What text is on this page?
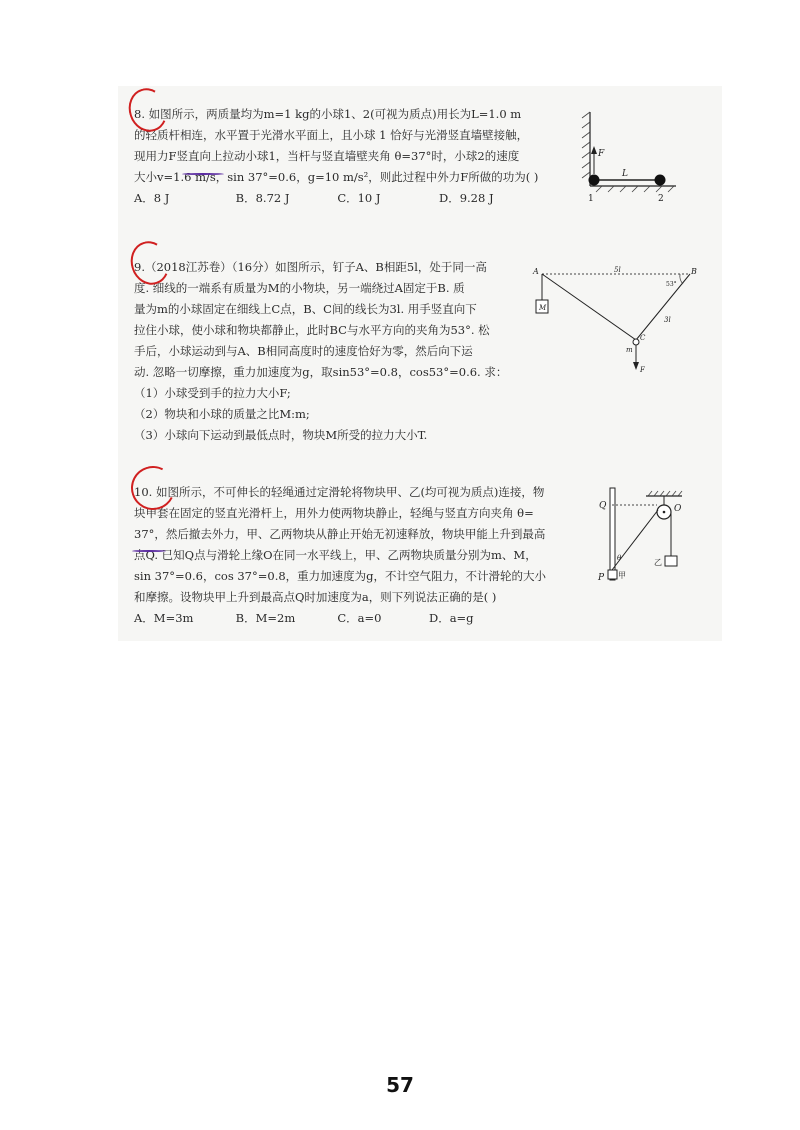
8. 如图所示，两质量均为m=1 kg的小球1、2(可视为质点)用长为L=1.0 m
的轻质杆相连，水平置于光滑水平面上，且小球 1 恰好与光滑竖直墙壁接触，
现用力F竖直向上拉动小球1，当杆与竖直墙壁夹角 θ=37°时，小球2的速度
大小v=1.6 m/s，sin 37°=0.6，g=10 m/s²，则此过程中外力F所做的功为( )
A．8 J	B．8.72 J	C．10 J	D．9.28 J
F
L
1	2
9.（2018江苏卷）（16分）如图所示，钉子A、B相距5l，处于同一高
度. 细线的一端系有质量为M的小物块，另一端绕过A固定于B. 质
量为m的小球固定在细线上C点，B、C间的线长为3l. 用手竖直向下
拉住小球，使小球和物块都静止，此时BC与水平方向的夹角为53°. 松
手后，小球运动到与A、B相同高度时的速度恰好为零，然后向下运
动. 忽略一切摩擦，重力加速度为g，取sin53°=0.8，cos53°=0.6. 求：
（1）小球受到手的拉力大小F;
（2）物块和小球的质量之比M:m;
（3）小球向下运动到最低点时，物块M所受的拉力大小T.
A	B
M
5l
53°
3l
C
m
F
10. 如图所示，不可伸长的轻绳通过定滑轮将物块甲、乙(均可视为质点)连接，物
块甲套在固定的竖直光滑杆上，用外力使两物块静止，轻绳与竖直方向夹角 θ=
37°，然后撤去外力，甲、乙两物块从静止开始无初速释放，物块甲能上升到最高
点Q. 已知Q点与滑轮上缘O在同一水平线上，甲、乙两物块质量分别为m、M，
sin 37°=0.6，cos 37°=0.8，重力加速度为g，不计空气阻力，不计滑轮的大小
和摩擦。设物块甲上升到最高点Q时加速度为a，则下列说法正确的是( )
A．M=3m	B．M=2m	C．a=0	D．a=g
Q	O
P 甲
乙
θ
57
